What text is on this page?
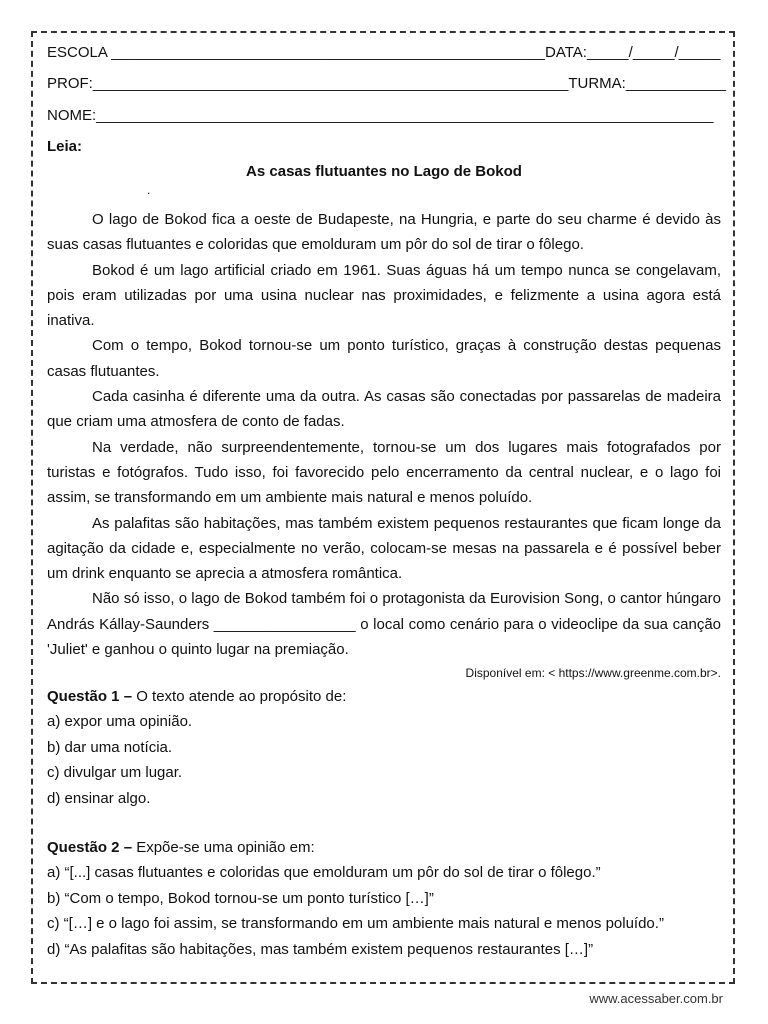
ESCOLA ____________________________________________________DATA:_____/_____/_____
PROF:_________________________________________________________TURMA:____________
NOME:__________________________________________________________________________
Leia:
As casas flutuantes no Lago de Bokod
.

O lago de Bokod fica a oeste de Budapeste, na Hungria, e parte do seu charme é devido às suas casas flutuantes e coloridas que emolduram um pôr do sol de tirar o fôlego.

Bokod é um lago artificial criado em 1961. Suas águas há um tempo nunca se congelavam, pois eram utilizadas por uma usina nuclear nas proximidades, e felizmente a usina agora está inativa.

Com o tempo, Bokod tornou-se um ponto turístico, graças à construção destas pequenas casas flutuantes.

Cada casinha é diferente uma da outra. As casas são conectadas por passarelas de madeira que criam uma atmosfera de conto de fadas.

Na verdade, não surpreendentemente, tornou-se um dos lugares mais fotografados por turistas e fotógrafos. Tudo isso, foi favorecido pelo encerramento da central nuclear, e o lago foi assim, se transformando em um ambiente mais natural e menos poluído.

As palafitas são habitações, mas também existem pequenos restaurantes que ficam longe da agitação da cidade e, especialmente no verão, colocam-se mesas na passarela e é possível beber um drink enquanto se aprecia a atmosfera romântica.

Não só isso, o lago de Bokod também foi o protagonista da Eurovision Song, o cantor húngaro András Kállay-Saunders _________________ o local como cenário para o videoclipe da sua canção 'Juliet' e ganhou o quinto lugar na premiação.

Disponível em: < https://www.greenme.com.br>.
Questão 1 – O texto atende ao propósito de:
a) expor uma opinião.
b) dar uma notícia.
c) divulgar um lugar.
d) ensinar algo.
Questão 2 – Expõe-se uma opinião em:
a) “[...] casas flutuantes e coloridas que emolduram um pôr do sol de tirar o fôlego.”
b) “Com o tempo, Bokod tornou-se um ponto turístico […]”
c) “[…] e o lago foi assim, se transformando em um ambiente mais natural e menos poluído.”
d) “As palafitas são habitações, mas também existem pequenos restaurantes […]”
www.acessaber.com.br
